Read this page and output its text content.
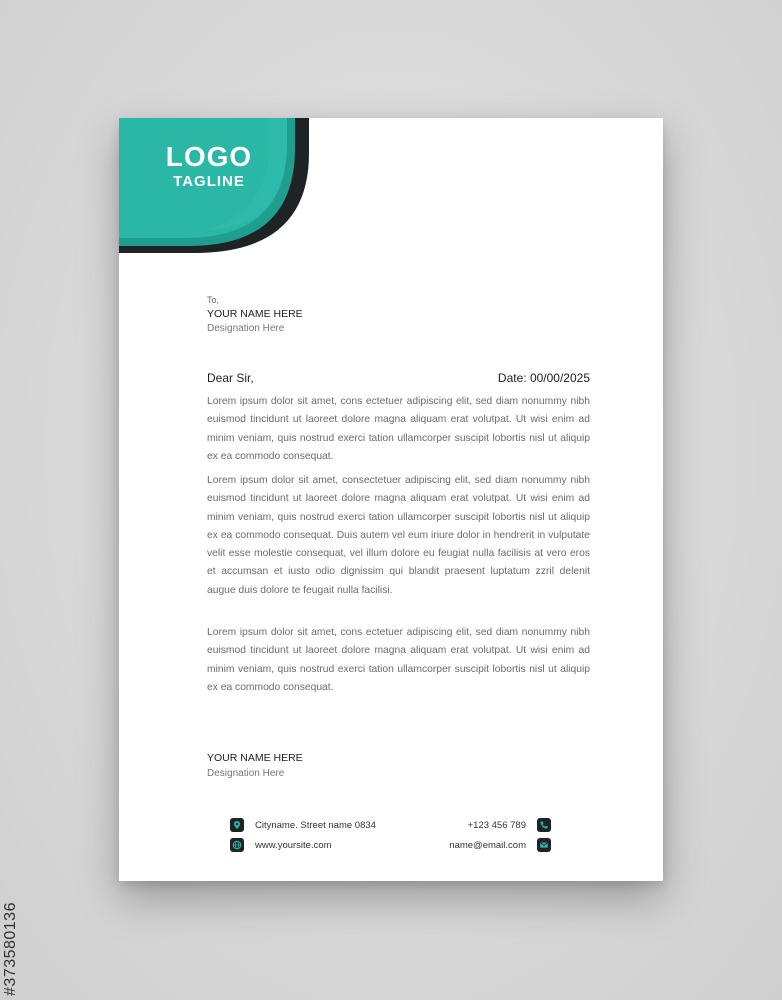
LOGO
TAGLINE
To,
YOUR NAME HERE
Designation Here
Dear Sir,	Date: 00/00/2025
Lorem ipsum dolor sit amet, cons ectetuer adipiscing elit, sed diam nonummy nibh euismod tincidunt ut laoreet dolore magna aliquam erat volutpat. Ut wisi enim ad minim veniam, quis nostrud exerci tation ullamcorper suscipit lobortis nisl ut aliquip ex ea commodo consequat.
Lorem ipsum dolor sit amet, consectetuer adipiscing elit, sed diam nonummy nibh euismod tincidunt ut laoreet dolore magna aliquam erat volutpat. Ut wisi enim ad minim veniam, quis nostrud exerci tation ullamcorper suscipit lobortis nisl ut aliquip ex ea commodo consequat. Duis autem vel eum iriure dolor in hendrerit in vulputate velit esse molestie consequat, vel illum dolore eu feugiat nulla facilisis at vero eros et accumsan et iusto odio dignissim qui blandit praesent luptatum zzril delenit augue duis dolore te feugait nulla facilisi.
Lorem ipsum dolor sit amet, cons ectetuer adipiscing elit, sed diam nonummy nibh euismod tincidunt ut laoreet dolore magna aliquam erat volutpat. Ut wisi enim ad minim veniam, quis nostrud exerci tation ullamcorper suscipit lobortis nisl ut aliquip ex ea commodo consequat.
YOUR NAME HERE
Designation Here
Cityname. Street name 0834
www.yoursite.com
+123 456 789
name@email.com
#373580136
